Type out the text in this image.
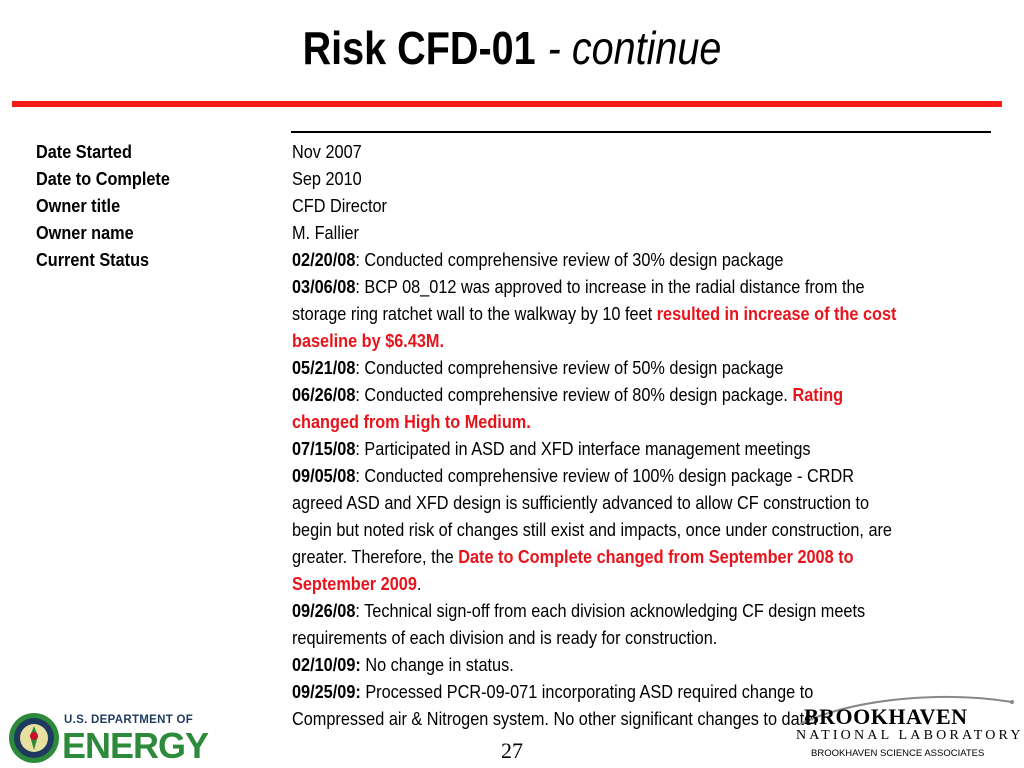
Risk CFD-01 - continue
Date Started
Date to Complete
Owner title
Owner name
Current Status
Nov 2007
Sep 2010
CFD Director
M. Fallier
02/20/08: Conducted comprehensive review of 30% design package
03/06/08: BCP 08_012 was approved to increase in the radial distance from the
storage ring ratchet wall to the walkway by 10 feet resulted in increase of the cost
baseline by $6.43M.
05/21/08: Conducted comprehensive review of 50% design package
06/26/08: Conducted comprehensive review of 80% design package. Rating
changed from High to Medium.
07/15/08: Participated in ASD and XFD interface management meetings
09/05/08: Conducted comprehensive review of 100% design package - CRDR
agreed ASD and XFD design is sufficiently advanced to allow CF construction to
begin but noted risk of changes still exist and impacts, once under construction, are
greater. Therefore, the Date to Complete changed from September 2008 to
September 2009.
09/26/08: Technical sign-off from each division acknowledging CF design meets
requirements of each division and is ready for construction.
02/10/09: No change in status.
09/25/09: Processed PCR-09-071 incorporating ASD required change to
Compressed air & Nitrogen system. No other significant changes to date.
U.S. DEPARTMENT OF
ENERGY	27
BROOKHAVEN
NATIONAL LABORATORY
BROOKHAVEN SCIENCE ASSOCIATES
